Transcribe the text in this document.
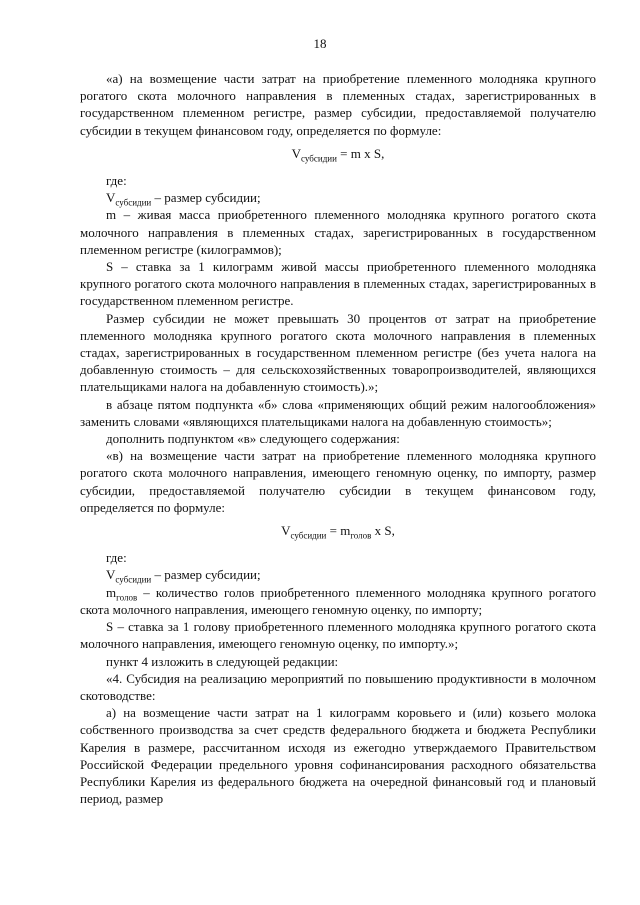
18

«а) на возмещение части затрат на приобретение племенного молодняка крупного рогатого скота молочного направления в племенных стадах, зарегистрированных в государственном племенном регистре, размер субсидии, предоставляемой получателю субсидии в текущем финансовом году, определяется по формуле:

$V_{субсидии} = m$ x S,

где:

$V_{субсидии}$ – размер субсидии;

m – живая масса приобретенного племенного молодняка крупного рогатого скота молочного направления в племенных стадах, зарегистрированных в государственном племенном регистре (килограммов);

S – ставка за 1 килограмм живой массы приобретенного племенного молодняка крупного рогатого скота молочного направления в племенных стадах, зарегистрированных в государственном племенном регистре.

Размер субсидии не может превышать 30 процентов от затрат на приобретение племенного молодняка крупного рогатого скота молочного направления в племенных стадах, зарегистрированных в государственном племенном регистре (без учета налога на добавленную стоимость – для сельскохозяйственных товаропроизводителей, являющихся плательщиками налога на добавленную стоимость).»;

в абзаце пятом подпункта «б» слова «применяющих общий режим налогообложения» заменить словами «являющихся плательщиками налога на добавленную стоимость»;

дополнить подпунктом «в» следующего содержания:

«в) на возмещение части затрат на приобретение племенного молодняка крупного рогатого скота молочного направления, имеющего геномную оценку, по импорту, размер субсидии, предоставляемой получателю субсидии в текущем финансовом году, определяется по формуле:

$V_{субсидии} = m_{голов}$ x S,

где:

$V_{субсидии}$ – размер субсидии;

$m_{голов}$ – количество голов приобретенного племенного молодняка крупного рогатого скота молочного направления, имеющего геномную оценку, по импорту;

S – ставка за 1 голову приобретенного племенного молодняка крупного рогатого скота молочного направления, имеющего геномную оценку, по импорту.»;

пункт 4 изложить в следующей редакции:

«4. Субсидия на реализацию мероприятий по повышению продуктивности в молочном скотоводстве:

а) на возмещение части затрат на 1 килограмм коровьего и (или) козьего молока собственного производства за счет средств федерального бюджета и бюджета Республики Карелия в размере, рассчитанном исходя из ежегодно утверждаемого Правительством Российской Федерации предельного уровня софинансирования расходного обязательства Республики Карелия из федерального бюджета на очередной финансовый год и плановый период, размер
